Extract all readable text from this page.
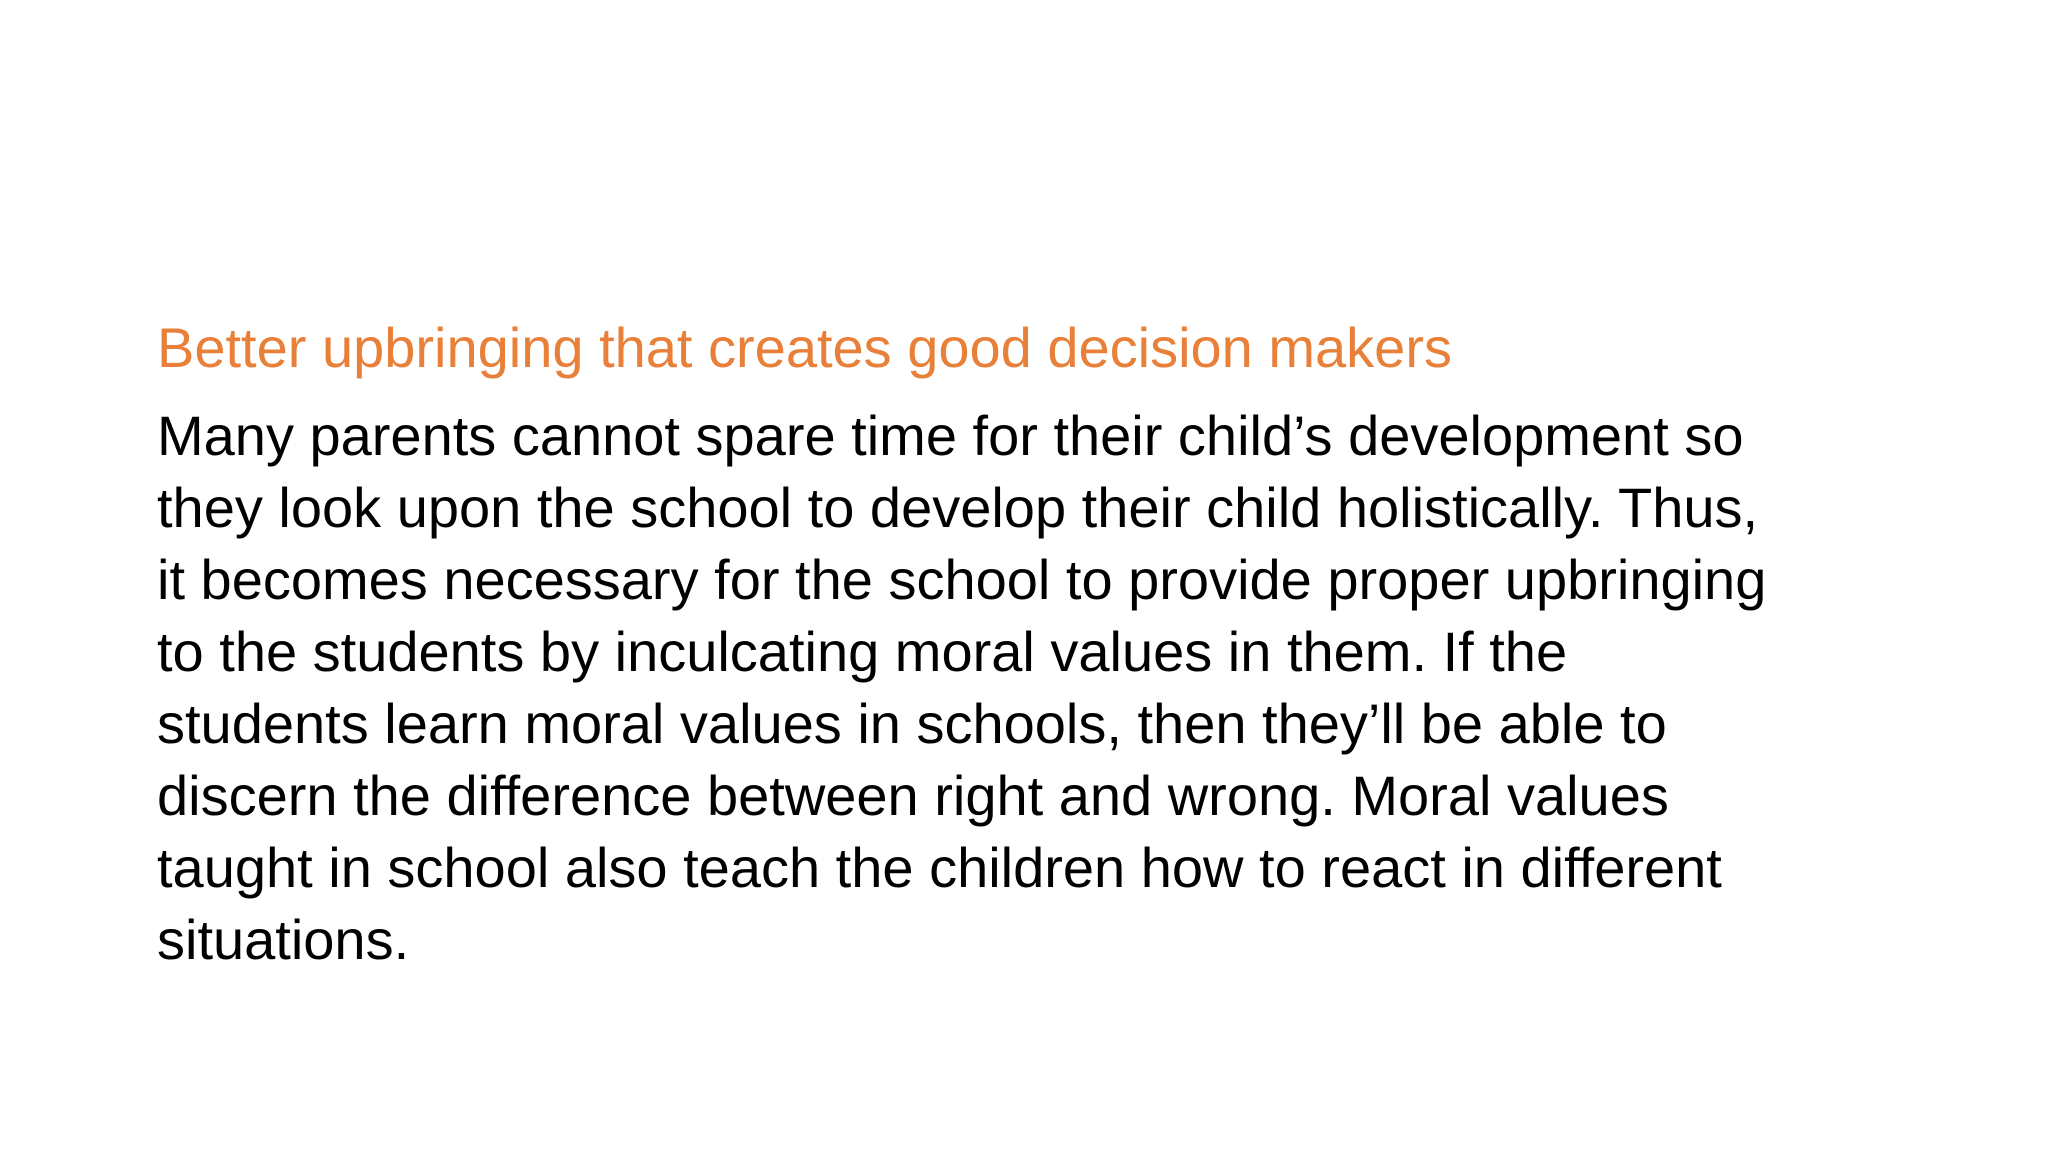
Better upbringing that creates good decision makers

Many parents cannot spare time for their child’s development so
they look upon the school to develop their child holistically. Thus,
it becomes necessary for the school to provide proper upbringing
to the students by inculcating moral values in them. If the
students learn moral values in schools, then they’ll be able to
discern the difference between right and wrong. Moral values
taught in school also teach the children how to react in different
situations.
